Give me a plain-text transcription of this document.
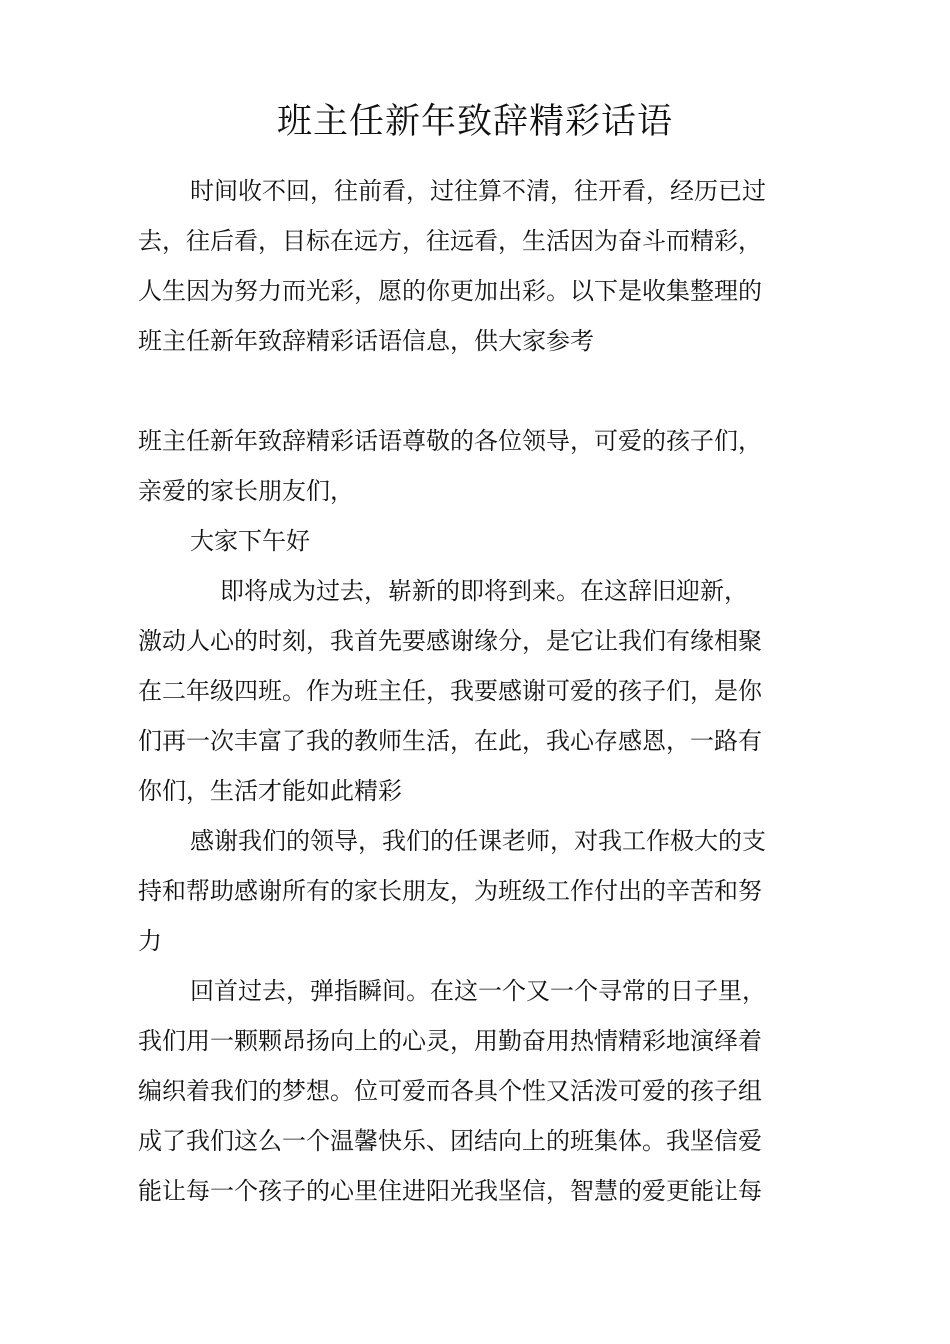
班主任新年致辞精彩话语

时间收不回，往前看，过往算不清，往开看，经历已过

去，往后看，目标在远方，往远看，生活因为奋斗而精彩，

人生因为努力而光彩，愿的你更加出彩。以下是收集整理的

班主任新年致辞精彩话语信息，供大家参考

班主任新年致辞精彩话语尊敬的各位领导，可爱的孩子们，

亲爱的家长朋友们，

大家下午好

即将成为过去，崭新的即将到来。在这辞旧迎新，

激动人心的时刻，我首先要感谢缘分，是它让我们有缘相聚

在二年级四班。作为班主任，我要感谢可爱的孩子们，是你

们再一次丰富了我的教师生活，在此，我心存感恩，一路有

你们，生活才能如此精彩

感谢我们的领导，我们的任课老师，对我工作极大的支

持和帮助感谢所有的家长朋友，为班级工作付出的辛苦和努

力

回首过去，弹指瞬间。在这一个又一个寻常的日子里，

我们用一颗颗昂扬向上的心灵，用勤奋用热情精彩地演绎着

编织着我们的梦想。位可爱而各具个性又活泼可爱的孩子组

成了我们这么一个温馨快乐、团结向上的班集体。我坚信爱

能让每一个孩子的心里住进阳光我坚信，智慧的爱更能让每
